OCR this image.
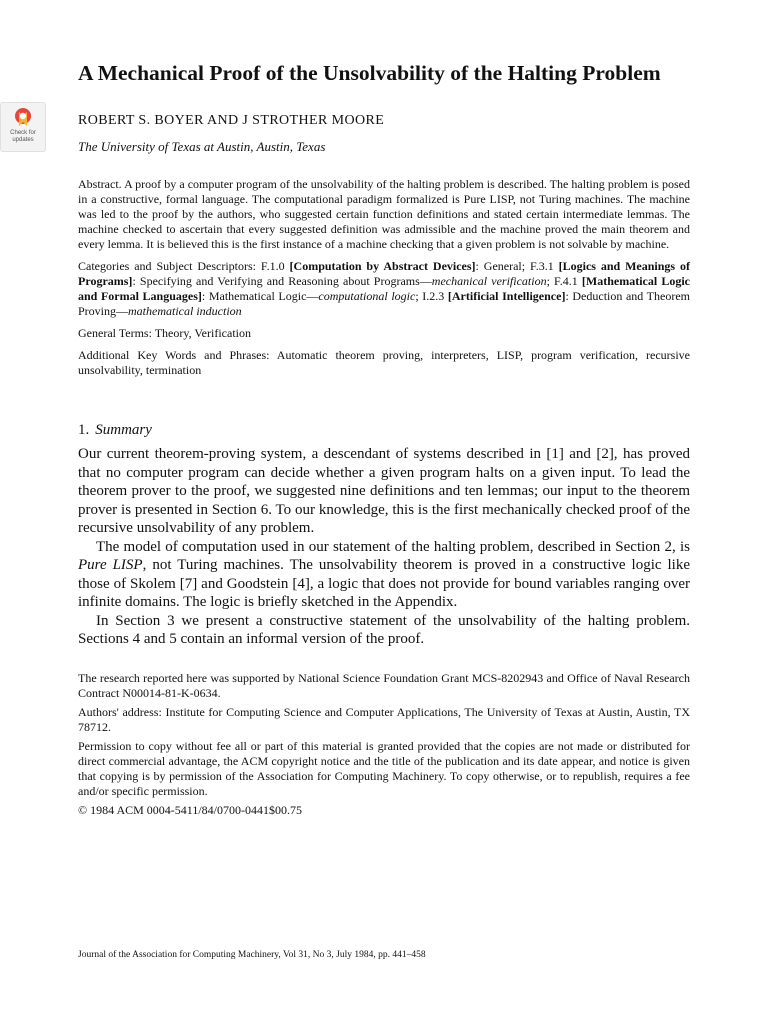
Check for
updates
A Mechanical Proof of the Unsolvability of the Halting Problem
ROBERT S. BOYER AND J STROTHER MOORE
The University of Texas at Austin, Austin, Texas
Abstract. A proof by a computer program of the unsolvability of the halting problem is described. The halting problem is posed in a constructive, formal language. The computational paradigm formalized is Pure LISP, not Turing machines. The machine was led to the proof by the authors, who suggested certain function definitions and stated certain intermediate lemmas. The machine checked to ascertain that every suggested definition was admissible and the machine proved the main theorem and every lemma. It is believed this is the first instance of a machine checking that a given problem is not solvable by machine.

Categories and Subject Descriptors: F.1.0 [Computation by Abstract Devices]: General; F.3.1 [Logics and Meanings of Programs]: Specifying and Verifying and Reasoning about Programs—mechanical verification; F.4.1 [Mathematical Logic and Formal Languages]: Mathematical Logic—computational logic; I.2.3 [Artificial Intelligence]: Deduction and Theorem Proving—mathematical induction

General Terms: Theory, Verification

Additional Key Words and Phrases: Automatic theorem proving, interpreters, LISP, program verification, recursive unsolvability, termination

1. Summary

Our current theorem-proving system, a descendant of systems described in [1] and [2], has proved that no computer program can decide whether a given program halts on a given input. To lead the theorem prover to the proof, we suggested nine definitions and ten lemmas; our input to the theorem prover is presented in Section 6. To our knowledge, this is the first mechanically checked proof of the recursive unsolvability of any problem.

The model of computation used in our statement of the halting problem, described in Section 2, is Pure LISP, not Turing machines. The unsolvability theorem is proved in a constructive logic like those of Skolem [7] and Goodstein [4], a logic that does not provide for bound variables ranging over infinite domains. The logic is briefly sketched in the Appendix.

In Section 3 we present a constructive statement of the unsolvability of the halting problem. Sections 4 and 5 contain an informal version of the proof.

The research reported here was supported by National Science Foundation Grant MCS-8202943 and Office of Naval Research Contract N00014-81-K-0634.

Authors' address: Institute for Computing Science and Computer Applications, The University of Texas at Austin, Austin, TX 78712.

Permission to copy without fee all or part of this material is granted provided that the copies are not made or distributed for direct commercial advantage, the ACM copyright notice and the title of the publication and its date appear, and notice is given that copying is by permission of the Association for Computing Machinery. To copy otherwise, or to republish, requires a fee and/or specific permission.

© 1984 ACM 0004-5411/84/0700-0441$00.75

Journal of the Association for Computing Machinery, Vol 31, No 3, July 1984, pp. 441–458
